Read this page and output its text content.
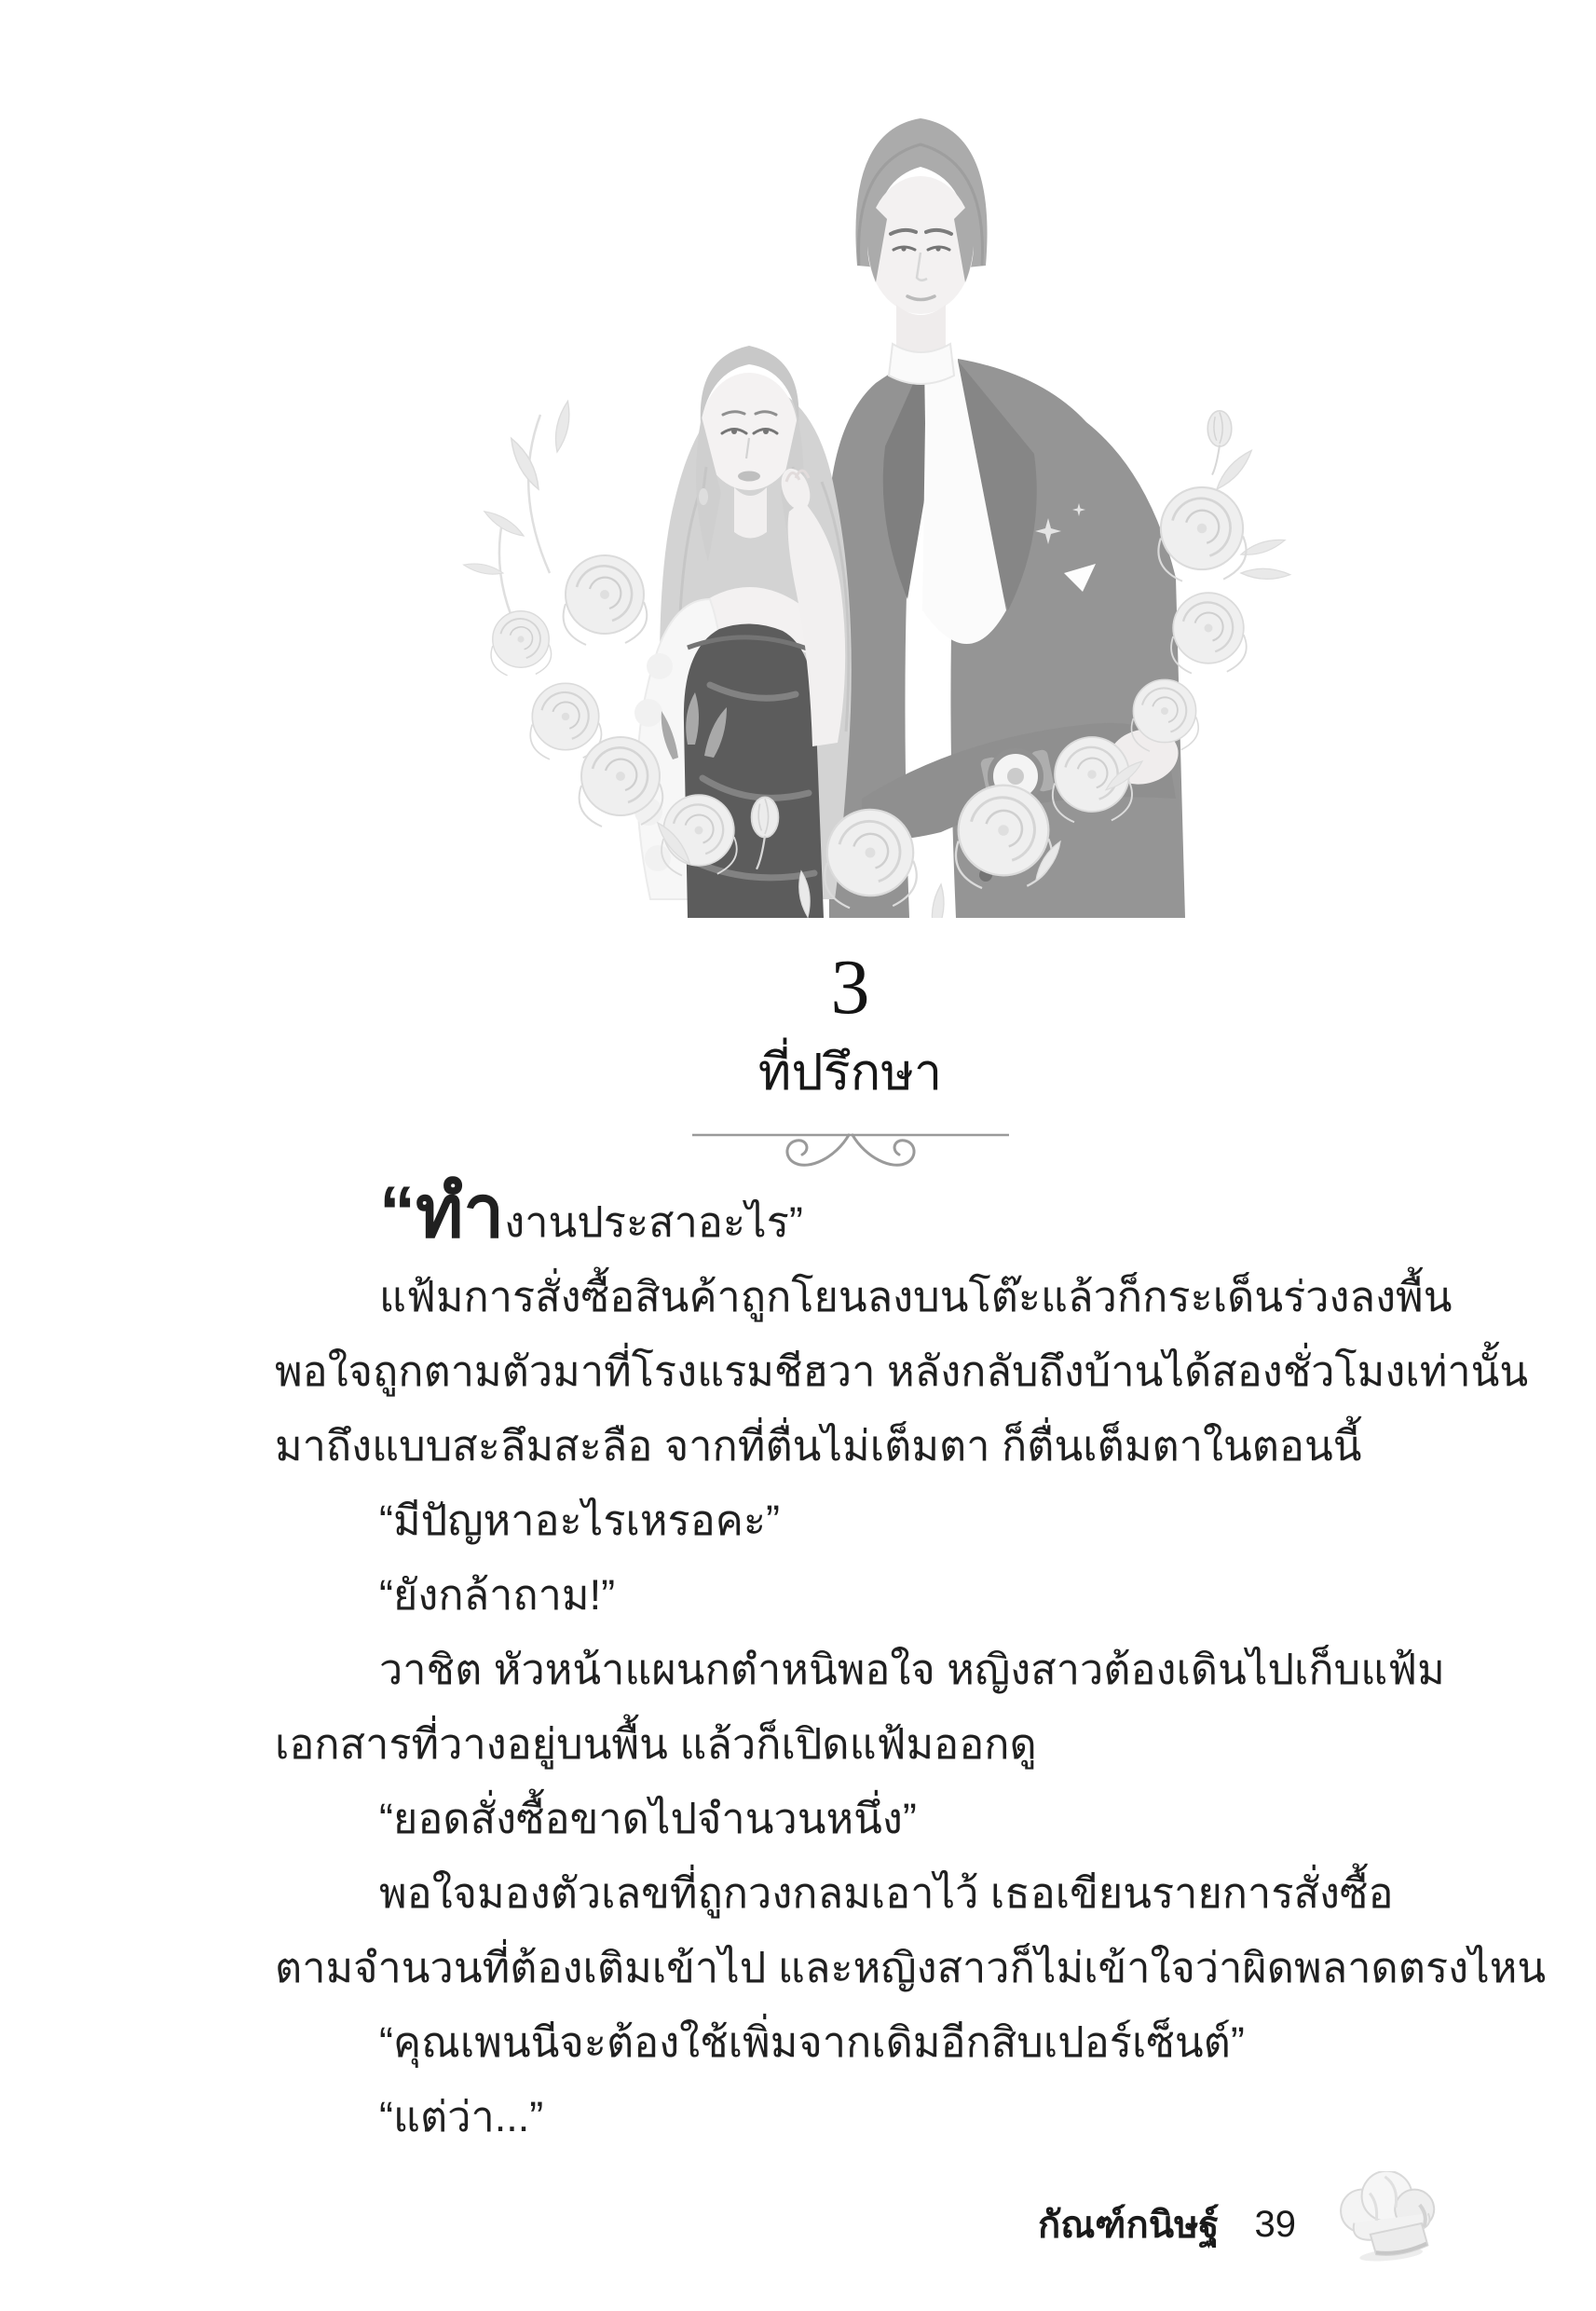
3
ที่ปรึกษา
“ทำงานประสาอะไร”
แฟ้มการสั่งซื้อสินค้าถูกโยนลงบนโต๊ะแล้วก็กระเด็นร่วงลงพื้น
พอใจถูกตามตัวมาที่โรงแรมชีฮวา หลังกลับถึงบ้านได้สองชั่วโมงเท่านั้น
มาถึงแบบสะลึมสะลือ จากที่ตื่นไม่เต็มตา ก็ตื่นเต็มตาในตอนนี้
“มีปัญหาอะไรเหรอคะ”
“ยังกล้าถาม!”
วาชิต หัวหน้าแผนกตำหนิพอใจ หญิงสาวต้องเดินไปเก็บแฟ้ม
เอกสารที่วางอยู่บนพื้น แล้วก็เปิดแฟ้มออกดู
“ยอดสั่งซื้อขาดไปจำนวนหนึ่ง”
พอใจมองตัวเลขที่ถูกวงกลมเอาไว้ เธอเขียนรายการสั่งซื้อ
ตามจำนวนที่ต้องเติมเข้าไป และหญิงสาวก็ไม่เข้าใจว่าผิดพลาดตรงไหน
“คุณเพนนีจะต้องใช้เพิ่มจากเดิมอีกสิบเปอร์เซ็นต์”
“แต่ว่า...”
กัณฑ์กนิษฐ์ 39
